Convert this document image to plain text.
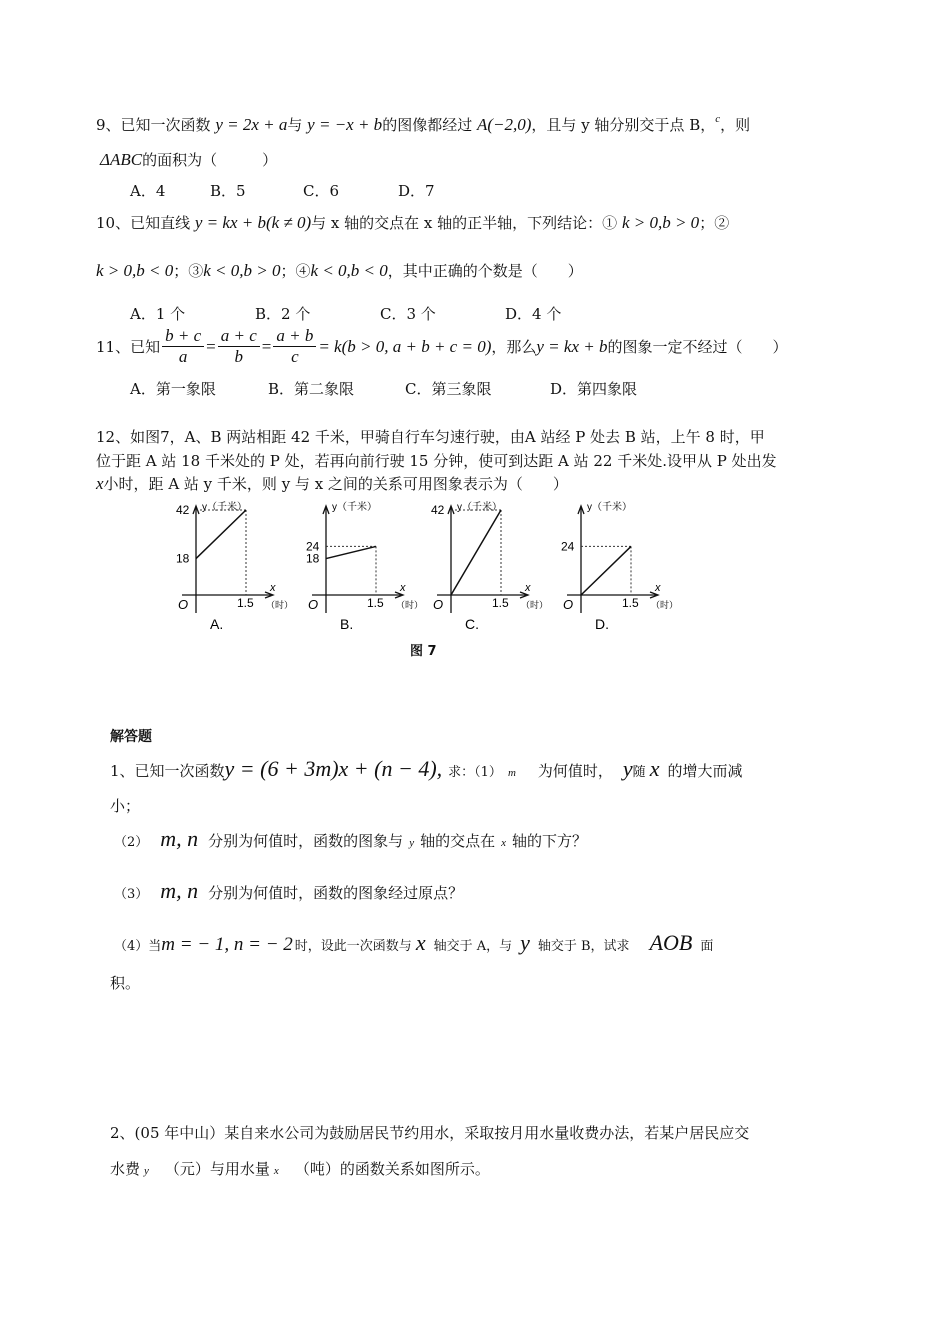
9、已知一次函数 y = 2x + a与 y = −x + b的图像都经过 A(−2,0)，且与 y 轴分别交于点 B，$^c$，则
ΔABC的面积为（　　　）
A．4	B．5	C．6	D．7
10、已知直线 y = kx + b(k ≠ 0)与 x 轴的交点在 x 轴的正半轴，下列结论：① k > 0,b > 0；②
k > 0,b < 0；③k < 0,b > 0；④k < 0,b < 0，其中正确的个数是（　　）
A．1 个	B．2 个	C．3 个	D．4 个
11、已知 $\frac{b + c}{a} = \frac{a + c}{b} = \frac{a + b}{c} = k(b > 0$, a + b + c = 0) ，那么 y = kx + b 的图象一定不经过（　　）
A．第一象限	B．第二象限	C．第三象限	D．第四象限
12、如图7，A、B 两站相距 42 千米，甲骑自行车匀速行驶，由A 站经 P 处去 B 站，上午 8 时，甲
位于距 A 站 18 千米处的 P 处，若再向前行驶 15 分钟，使可到达距 A 站 22 千米处.设甲从 P 处出发
x小时，距 A 站 y 千米，则 y 与 x 之间的关系可用图象表示为（　　）
y（千米）
x
（时）
O	1.5
18
42
A.
y（千米）
x
（时）
O	1.5
18
24
B.
y（千米）
x
（时）
O	1.5
42
C.
y（千米）
x
（时）
O	1.5
24
D.
图 7
解答题
1、已知一次函数 y = (6 + 3m)x + (n − 4), 求：（1） m 为何值时， y 随 x 的增大而减
小；
（2） m, n 分别为何值时，函数的图象与 y 轴的交点在 x 轴的下方？
（3） m, n 分别为何值时，函数的图象经过原点？
（4）当 m = − 1, n = − 2 时，设此一次函数与 x 轴交于 A，与 y 轴交于 B，试求 AOB 面
积。
2、(05 年中山）某自来水公司为鼓励居民节约用水，采取按月用水量收费办法，若某户居民应交
水费 y （元）与用水量 x （吨）的函数关系如图所示。
